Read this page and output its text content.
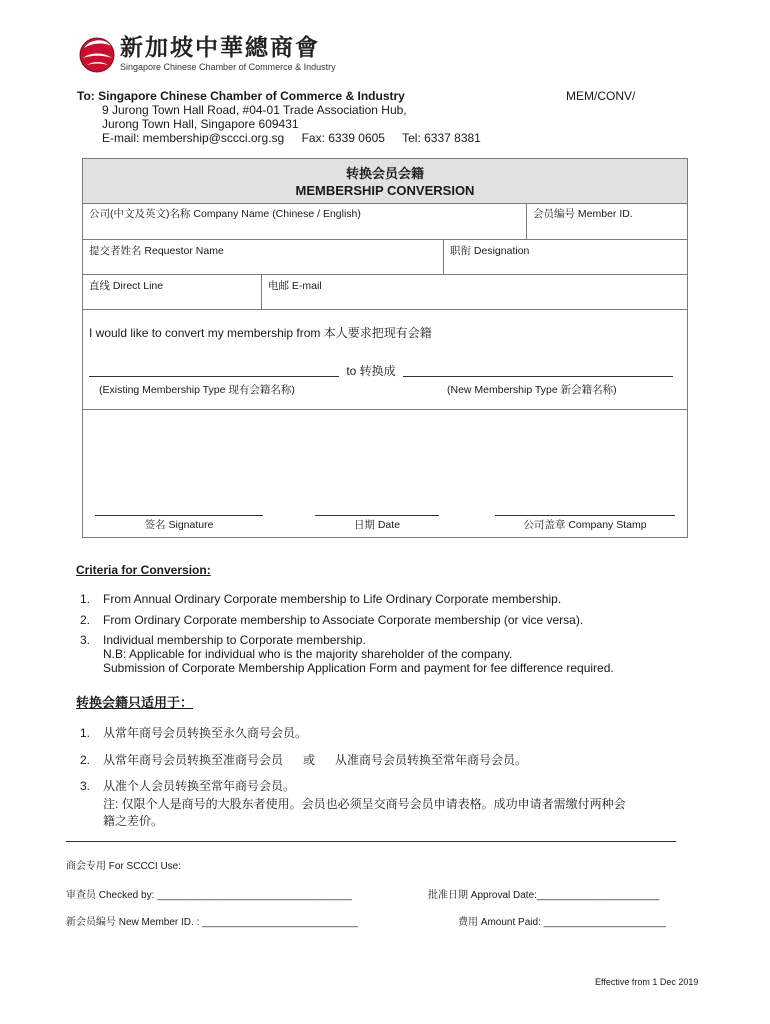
新加坡中華總商會
Singapore Chinese Chamber of Commerce & Industry
To: Singapore Chinese Chamber of Commerce & Industry	MEM/CONV/
9 Jurong Town Hall Road, #04-01 Trade Association Hub,
Jurong Town Hall, Singapore 609431
E-mail: membership@sccci.org.sg Fax: 6339 0605 Tel: 6337 8381
转换会员会籍
MEMBERSHIP CONVERSION
公司(中文及英文)名称 Company Name (Chinese / English)	会员编号 Member ID.
提交者姓名 Requestor Name	职衔 Designation
直线 Direct Line	电邮 E-mail
I would like to convert my membership from 本人要求把现有会籍
to 转换成
(Existing Membership Type 现有会籍名称)	(New Membership Type 新会籍名称)
签名 Signature	日期 Date	公司盖章 Company Stamp
Criteria for Conversion:
1. From Annual Ordinary Corporate membership to Life Ordinary Corporate membership.
2. From Ordinary Corporate membership to Associate Corporate membership (or vice versa).
3. Individual membership to Corporate membership.
N.B: Applicable for individual who is the majority shareholder of the company.
Submission of Corporate Membership Application Form and payment for fee difference required.
转换会籍只适用于：
1. 从常年商号会员转换至永久商号会员。
2. 从常年商号会员转换至准商号会员      或      从准商号会员转换至常年商号会员。
3. 从准个人会员转换至常年商号会员。
注: 仅限个人是商号的大股东者使用。会员也必须呈交商号会员申请表格。成功申请者需缴付两种会
籍之差价。
商会专用 For SCCCI Use:
审查员 Checked by: ___________________________________	批准日期 Approval Date:______________________
新会员编号 New Member ID. : ____________________________	费用 Amount Paid: ______________________
Effective from 1 Dec 2019
